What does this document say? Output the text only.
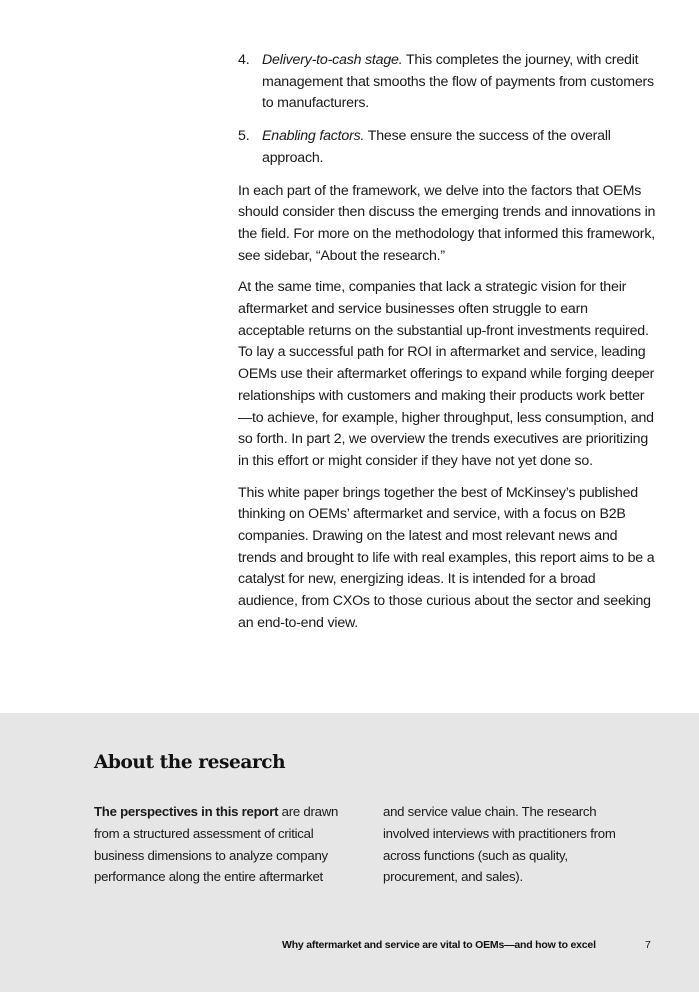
4. Delivery-to-cash stage. This completes the journey, with credit management that smooths the flow of payments from customers to manufacturers.
5. Enabling factors. These ensure the success of the overall approach.

In each part of the framework, we delve into the factors that OEMs should consider then discuss the emerging trends and innovations in the field. For more on the methodology that informed this framework, see sidebar, “About the research.”

At the same time, companies that lack a strategic vision for their aftermarket and service businesses often struggle to earn acceptable returns on the substantial up-front investments required. To lay a successful path for ROI in aftermarket and service, leading OEMs use their aftermarket offerings to expand while forging deeper relationships with customers and making their products work better—to achieve, for example, higher throughput, less consumption, and so forth. In part 2, we overview the trends executives are prioritizing in this effort or might consider if they have not yet done so.

This white paper brings together the best of McKinsey’s published thinking on OEMs’ aftermarket and service, with a focus on B2B companies. Drawing on the latest and most relevant news and trends and brought to life with real examples, this report aims to be a catalyst for new, energizing ideas. It is intended for a broad audience, from CXOs to those curious about the sector and seeking an end-to-end view.

About the research

The perspectives in this report are drawn from a structured assessment of critical business dimensions to analyze company performance along the entire aftermarket

and service value chain. The research involved interviews with practitioners from across functions (such as quality, procurement, and sales).

Why aftermarket and service are vital to OEMs—and how to excel	7
